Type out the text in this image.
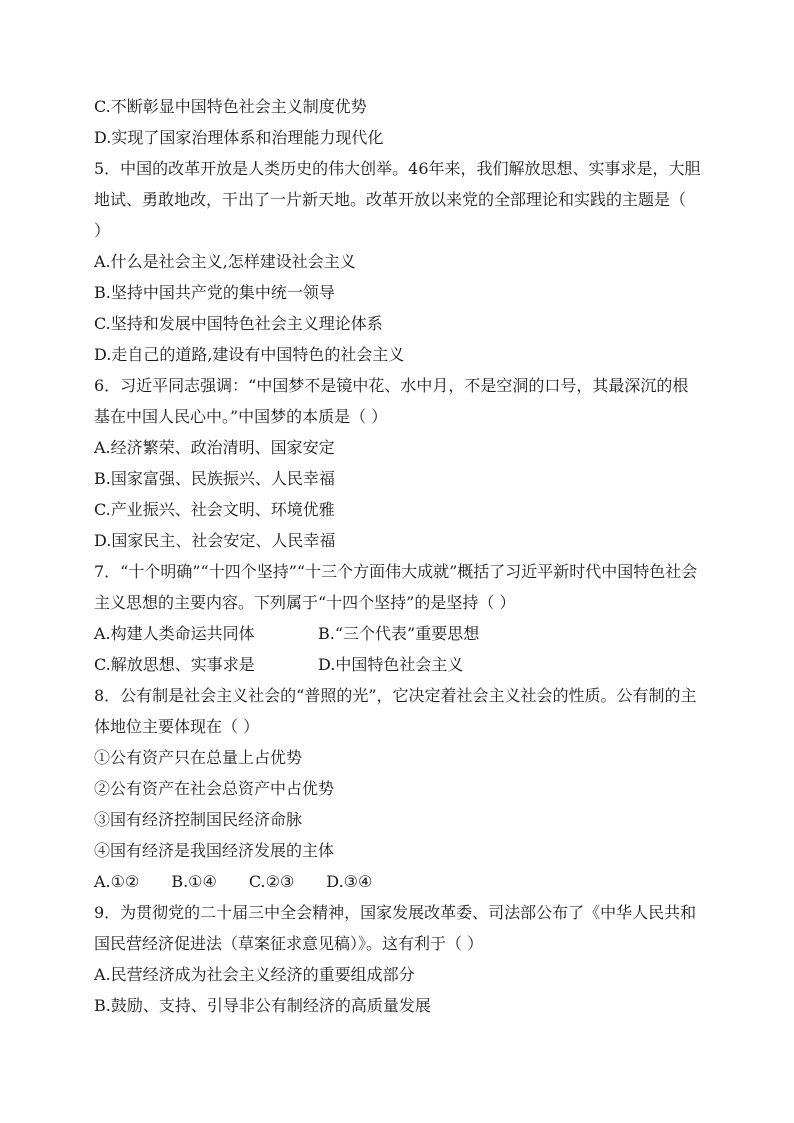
C.不断彰显中国特色社会主义制度优势
D.实现了国家治理体系和治理能力现代化
5．中国的改革开放是人类历史的伟大创举。46年来，我们解放思想、实事求是，大胆
地试、勇敢地改，干出了一片新天地。改革开放以来党的全部理论和实践的主题是（
）
A.什么是社会主义,怎样建设社会主义
B.坚持中国共产党的集中统一领导
C.坚持和发展中国特色社会主义理论体系
D.走自己的道路,建设有中国特色的社会主义
6．习近平同志强调：“中国梦不是镜中花、水中月，不是空洞的口号，其最深沉的根
基在中国人民心中。”中国梦的本质是（ ）
A.经济繁荣、政治清明、国家安定
B.国家富强、民族振兴、人民幸福
C.产业振兴、社会文明、环境优雅
D.国家民主、社会安定、人民幸福
7．“十个明确”“十四个坚持”“十三个方面伟大成就”概括了习近平新时代中国特色社会
主义思想的主要内容。下列属于“十四个坚持”的是坚持（ ）
A.构建人类命运共同体	B.“三个代表”重要思想
C.解放思想、实事求是	D.中国特色社会主义
8．公有制是社会主义社会的“普照的光”，它决定着社会主义社会的性质。公有制的主
体地位主要体现在（ ）
①公有资产只在总量上占优势
②公有资产在社会总资产中占优势
③国有经济控制国民经济命脉
④国有经济是我国经济发展的主体
A.①②　　B.①④　　C.②③　　D.③④
9．为贯彻党的二十届三中全会精神，国家发展改革委、司法部公布了《中华人民共和
国民营经济促进法（草案征求意见稿）》。这有利于（ ）
A.民营经济成为社会主义经济的重要组成部分
B.鼓励、支持、引导非公有制经济的高质量发展
